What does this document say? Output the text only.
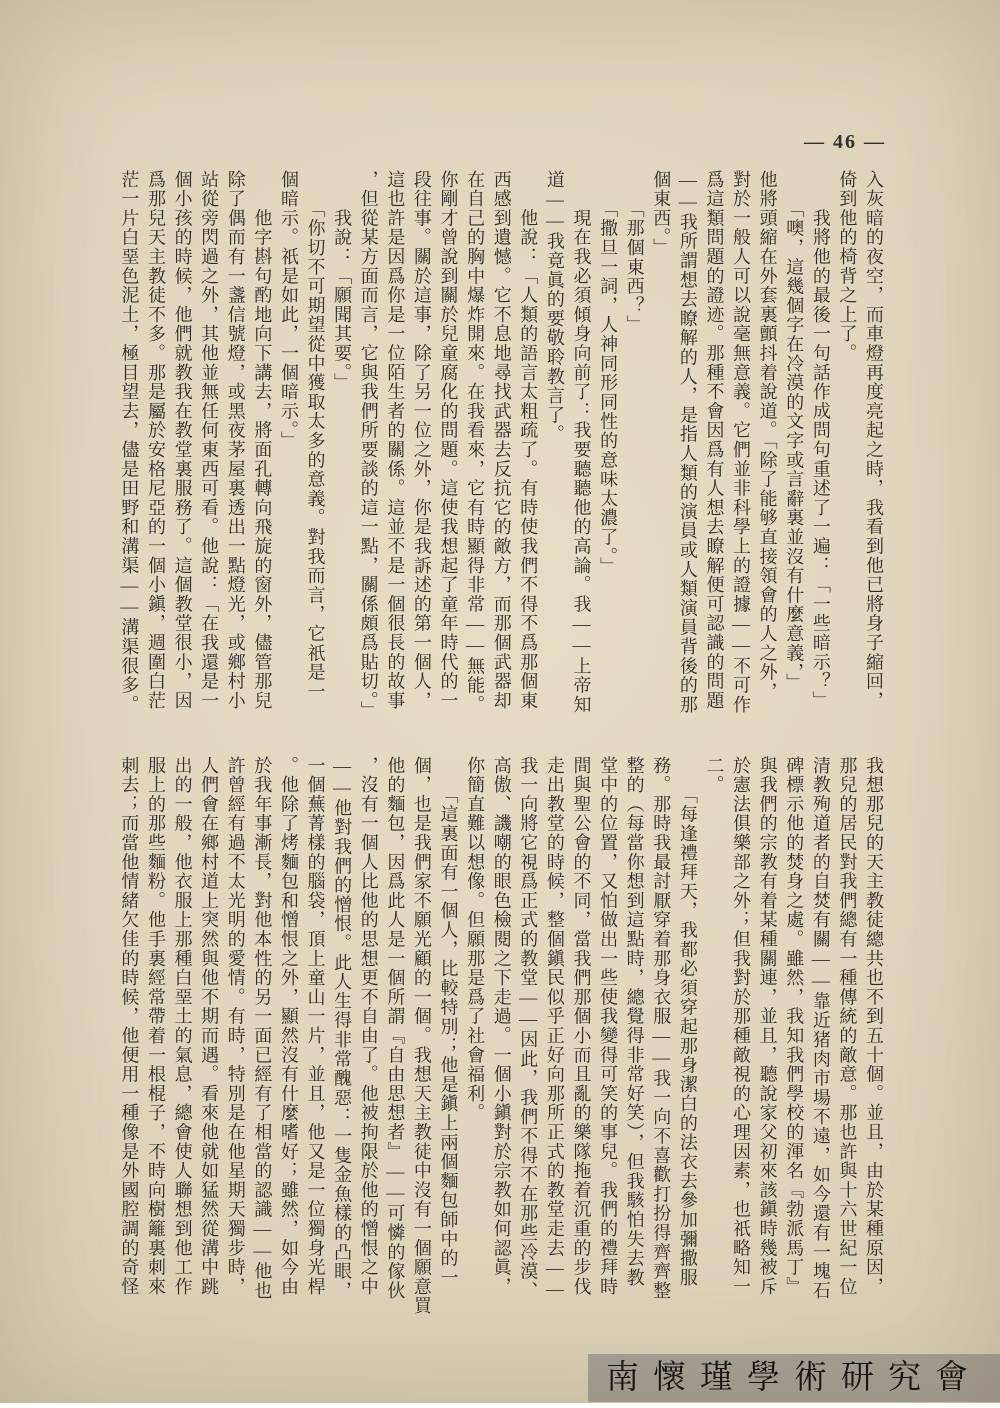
— 46 —
入灰暗的夜空，而車燈再度亮起之時，我看到他已將身子縮回，
倚到他的椅背之上了。
　　我將他的最後一句話作成問句重述了一遍：「一些暗示？」
　　「噢，這幾個字在冷漠的文字或言辭裏並沒有什麼意義，」
他將頭縮在外套裏顫抖着說道。「除了能够直接領會的人之外，
對於一般人可以說毫無意義。它們並非科學上的證據——不可作
爲這類問題的證迹。那種不會因爲有人想去瞭解便可認識的問題
——我所謂想去瞭解的人，是指人類的演員或人類演員背後的那
個東西。」
　　「那個東西？」
　　「撒旦一詞，人神同形同性的意味太濃了。」
　　現在我必須傾身向前了：我要聽聽他的高論。我——上帝知
道——我竟眞的要敬聆教言了。
　　他說：「人類的語言太粗疏了。有時使我們不得不爲那個東
西感到遺憾。它不息地尋找武器去反抗它的敵方，而那個武器却
在自己的胸中爆炸開來。在我看來，它有時顯得非常——無能。
你剛才曾說到關於兒童腐化的問題。這使我想起了童年時代的一
段往事。關於這事，除了另一位之外，你是我訴述的第一個人，
這也許是因爲你是一位陌生者的關係。這並不是一個很長的故事
，但從某方面而言，它與我們所要談的這一點，關係頗爲貼切。」
　　我說：「願聞其要。」
　　「你切不可期望從中獲取太多的意義。對我而言，它祇是一
個暗示。祇是如此，一個暗示。」
　　他字斟句酌地向下講去，將面孔轉向飛旋的窗外，儘管那兒
除了偶而有一盞信號燈，或黑夜茅屋裏透出一點燈光，或鄉村小
站從旁閃過之外，其他並無任何東西可看。他說：「在我還是一
個小孩的時候，他們就教我在教堂裏服務了。這個教堂很小，因
爲那兒天主教徒不多。那是屬於安格尼亞的一個小鎭，週圍白茫
茫一片白堊色泥土，極目望去，儘是田野和溝渠——溝渠很多。
我想那兒的天主教徒總共也不到五十個。並且，由於某種原因，
那兒的居民對我們總有一種傳統的敵意。那也許與十六世紀一位
清教殉道者的自焚有關——靠近猪肉市場不遠，如今還有一塊石
碑標示他的焚身之處。雖然，我知我們學校的渾名『勃派馬丁』
與我們的宗教有着某種關連，並且，聽說家父初來該鎭時幾被斥
於憲法俱樂部之外；但我對於那種敵視的心理因素，也祇略知一
二。
　　「每逢禮拜天，我都必須穿起那身潔白的法衣去參加彌撒服
務。那時我最討厭穿着那身衣服——我一向不喜歡打扮得齊齊整
整的（每當你想到這點時，總覺得非常好笑），但我駭怕失去教
堂中的位置，又怕做出一些使我變得可笑的事兒。我們的禮拜時
間與聖公會的不同，當我們那個小而且亂的樂隊拖着沉重的步伐
走出教堂的時候，整個鎭民似乎正好向那所正式的教堂走去——
我一向將它視爲正式的教堂——因此，我們不得不在那些冷漠、
高傲、譏嘲的眼色檢閱之下走過。一個小鎭對於宗教如何認眞，
你簡直難以想像。但願那是爲了社會福利。
　　「這裏面有一個人，比較特別；他是鎭上兩個麵包師中的一
個，也是我們家不願光顧的一個。我想天主教徒中沒有一個願意買
他的麵包，因爲此人是一個所謂『自由思想者』——可憐的傢伙
，沒有一個人比他的思想更不自由了。他被拘限於他的憎恨之中
——他對我們的憎恨。此人生得非常醜惡：一隻金魚樣的凸眼，
一個蕪菁樣的腦袋，頂上童山一片，並且，他又是一位獨身光桿
。他除了烤麵包和憎恨之外，顯然沒有什麼嗜好；雖然，如今由
於我年事漸長，對他本性的另一面已經有了相當的認識——他也
許曾經有過不太光明的愛情。有時，特別是在他星期天獨步時，
人們會在鄉村道上突然與他不期而遇。看來他就如猛然從溝中跳
出的一般，他衣服上那種白堊土的氣息，總會使人聯想到他工作
服上的那些麵粉。他手裏經常帶着一根棍子，不時向樹籬裏刺來
刺去；而當他情緒欠佳的時候，他便用一種像是外國腔調的奇怪
南懷瑾學術研究會
